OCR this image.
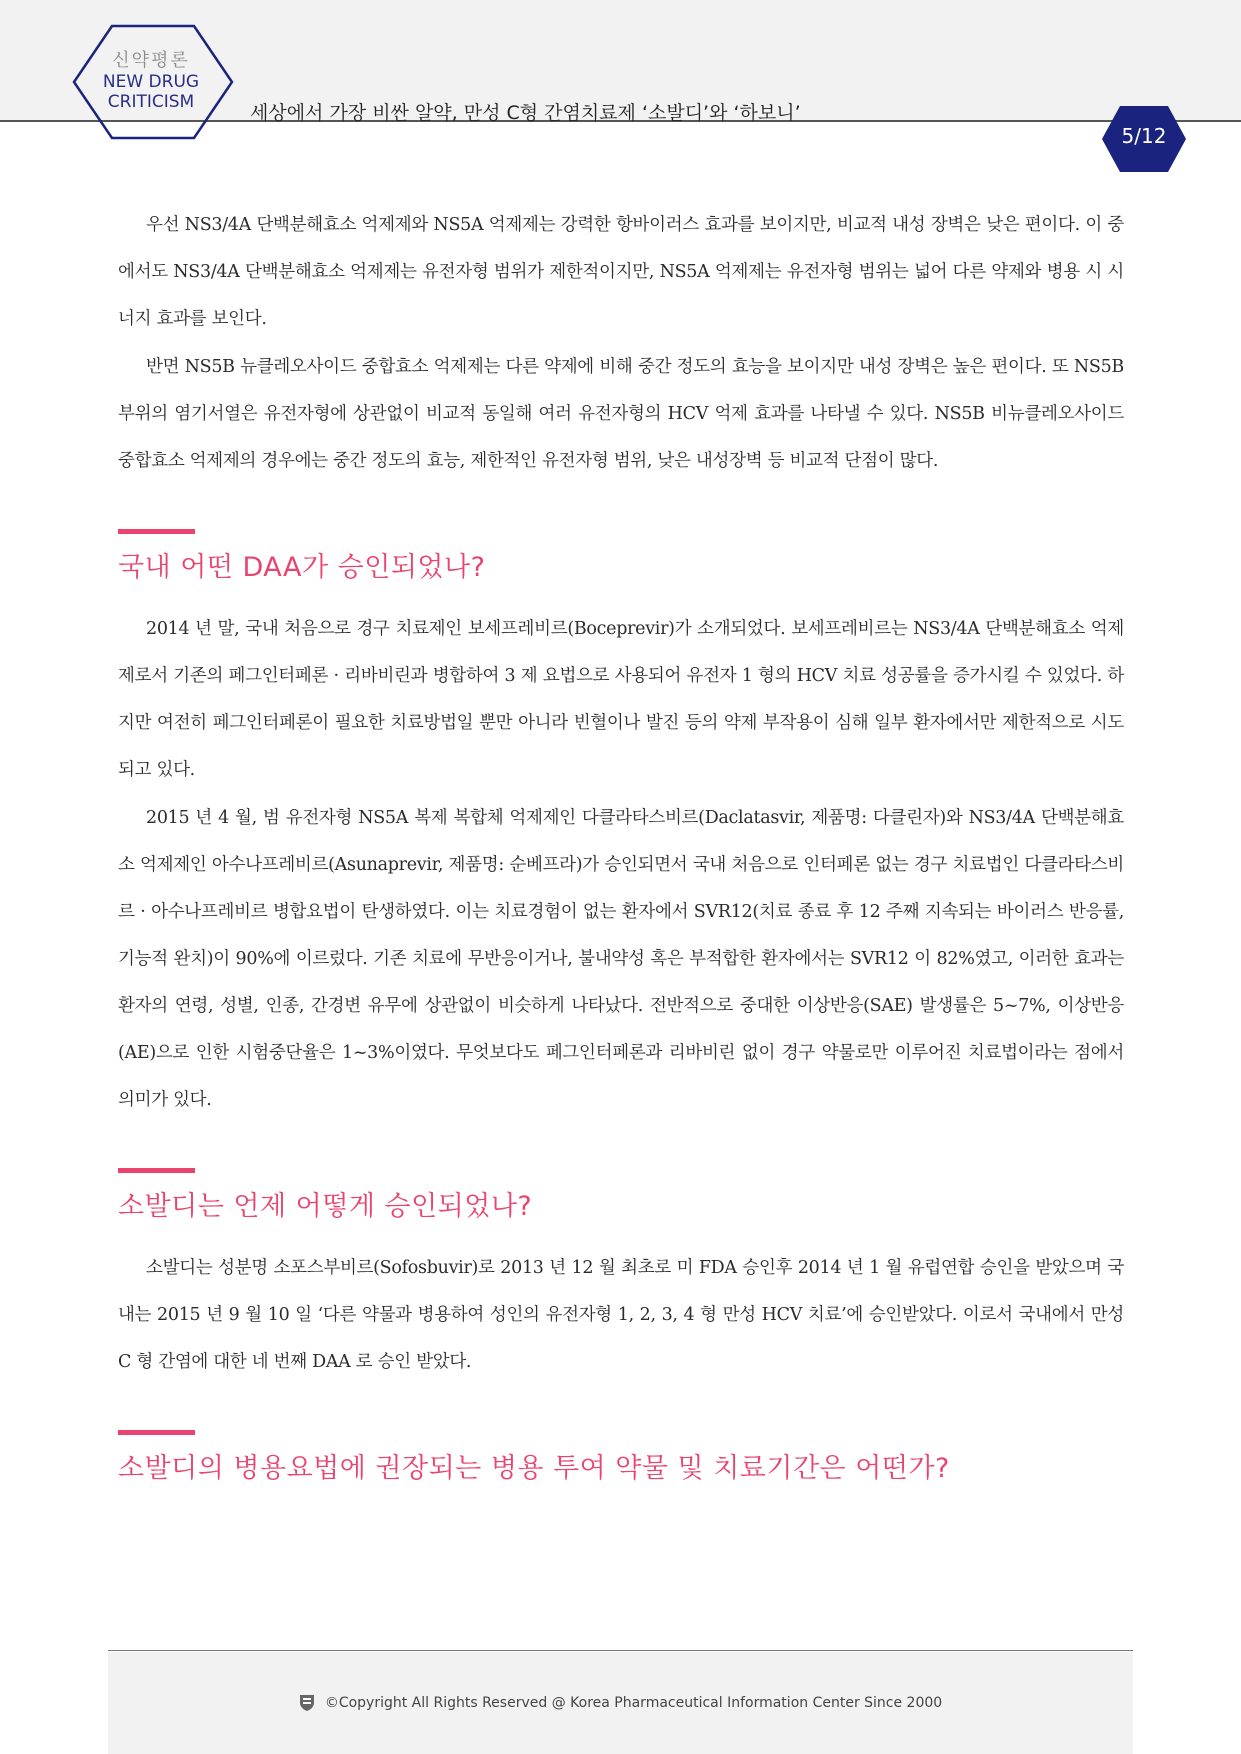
신약평론
NEW DRUG
CRITICISM	세상에서 가장 비싼 알약, 만성 C형 간염치료제 ‘소발디’와 ‘하보니’
5/12

우선 NS3/4A 단백분해효소 억제제와 NS5A 억제제는 강력한 항바이러스 효과를 보이지만, 비교적 내성 장벽은 낮은 편이다. 이 중에서도 NS3/4A 단백분해효소 억제제는 유전자형 범위가 제한적이지만, NS5A 억제제는 유전자형 범위는 넓어 다른 약제와 병용 시 시너지 효과를 보인다.

반면 NS5B 뉴클레오사이드 중합효소 억제제는 다른 약제에 비해 중간 정도의 효능을 보이지만 내성 장벽은 높은 편이다. 또 NS5B 부위의 염기서열은 유전자형에 상관없이 비교적 동일해 여러 유전자형의 HCV 억제 효과를 나타낼 수 있다. NS5B 비뉴클레오사이드 중합효소 억제제의 경우에는 중간 정도의 효능, 제한적인 유전자형 범위, 낮은 내성장벽 등 비교적 단점이 많다.

국내 어떤 DAA가 승인되었나?

2014 년 말, 국내 처음으로 경구 치료제인 보세프레비르(Boceprevir)가 소개되었다. 보세프레비르는 NS3/4A 단백분해효소 억제제로서 기존의 페그인터페론 · 리바비린과 병합하여 3 제 요법으로 사용되어 유전자 1 형의 HCV 치료 성공률을 증가시킬 수 있었다. 하지만 여전히 페그인터페론이 필요한 치료방법일 뿐만 아니라 빈혈이나 발진 등의 약제 부작용이 심해 일부 환자에서만 제한적으로 시도되고 있다.

2015 년 4 월, 범 유전자형 NS5A 복제 복합체 억제제인 다클라타스비르(Daclatasvir, 제품명: 다클린자)와 NS3/4A 단백분해효소 억제제인 아수나프레비르(Asunaprevir, 제품명: 순베프라)가 승인되면서 국내 처음으로 인터페론 없는 경구 치료법인 다클라타스비르 · 아수나프레비르 병합요법이 탄생하였다. 이는 치료경험이 없는 환자에서 SVR12(치료 종료 후 12 주째 지속되는 바이러스 반응률, 기능적 완치)이 90%에 이르렀다. 기존 치료에 무반응이거나, 불내약성 혹은 부적합한 환자에서는 SVR12 이 82%였고, 이러한 효과는 환자의 연령, 성별, 인종, 간경변 유무에 상관없이 비슷하게 나타났다. 전반적으로 중대한 이상반응(SAE) 발생률은 5~7%, 이상반응(AE)으로 인한 시험중단율은 1~3%이였다. 무엇보다도 페그인터페론과 리바비린 없이 경구 약물로만 이루어진 치료법이라는 점에서 의미가 있다.

소발디는 언제 어떻게 승인되었나?

소발디는 성분명 소포스부비르(Sofosbuvir)로 2013 년 12 월 최초로 미 FDA 승인후 2014 년 1 월 유럽연합 승인을 받았으며 국내는 2015 년 9 월 10 일 ‘다른 약물과 병용하여 성인의 유전자형 1, 2, 3, 4 형 만성 HCV 치료’에 승인받았다. 이로서 국내에서 만성 C 형 간염에 대한 네 번째 DAA 로 승인 받았다.

소발디의 병용요법에 권장되는 병용 투여 약물 및 치료기간은 어떤가?
©Copyright All Rights Reserved @ Korea Pharmaceutical Information Center Since 2000
